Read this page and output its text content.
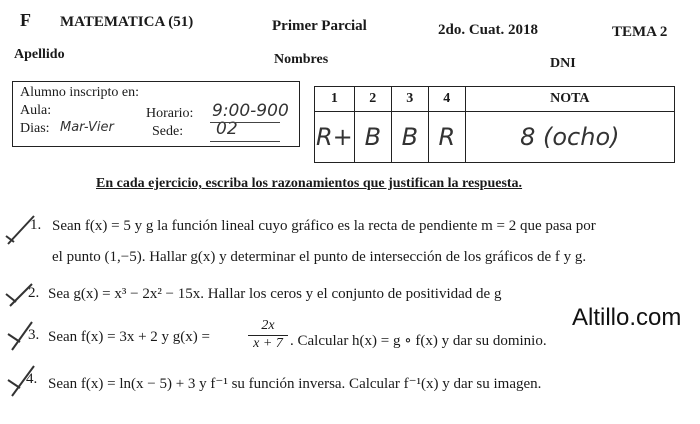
F MATEMATICA (51)	Primer Parcial	2do. Cuat. 2018	TEMA 2
Apellido	Nombres	DNI
Alumno inscripto en:
Aula:	Horario: 9:00-900
Dias: Mar-Vier	Sede: 02
1	2	3	4	NOTA
R+	B	B	R	8 (ocho)
En cada ejercicio, escriba los razonamientos que justifican la respuesta.
1. Sean f(x) = 5 y g la función lineal cuyo gráfico es la recta de pendiente m = 2 que pasa por
el punto (1,−5). Hallar g(x) y determinar el punto de intersección de los gráficos de f y g.
2. Sea g(x) = x³ − 2x² − 15x. Hallar los ceros y el conjunto de positividad de g
3. Sean f(x) = 3x + 2 y g(x) =	$\frac{2x}{x + 7}$ . Calcular h(x) = g ∘ f(x) y dar su dominio.
4. Sean f(x) = ln(x − 5) + 3 y f⁻¹ su función inversa. Calcular f⁻¹(x) y dar su imagen.
Altillo.com
